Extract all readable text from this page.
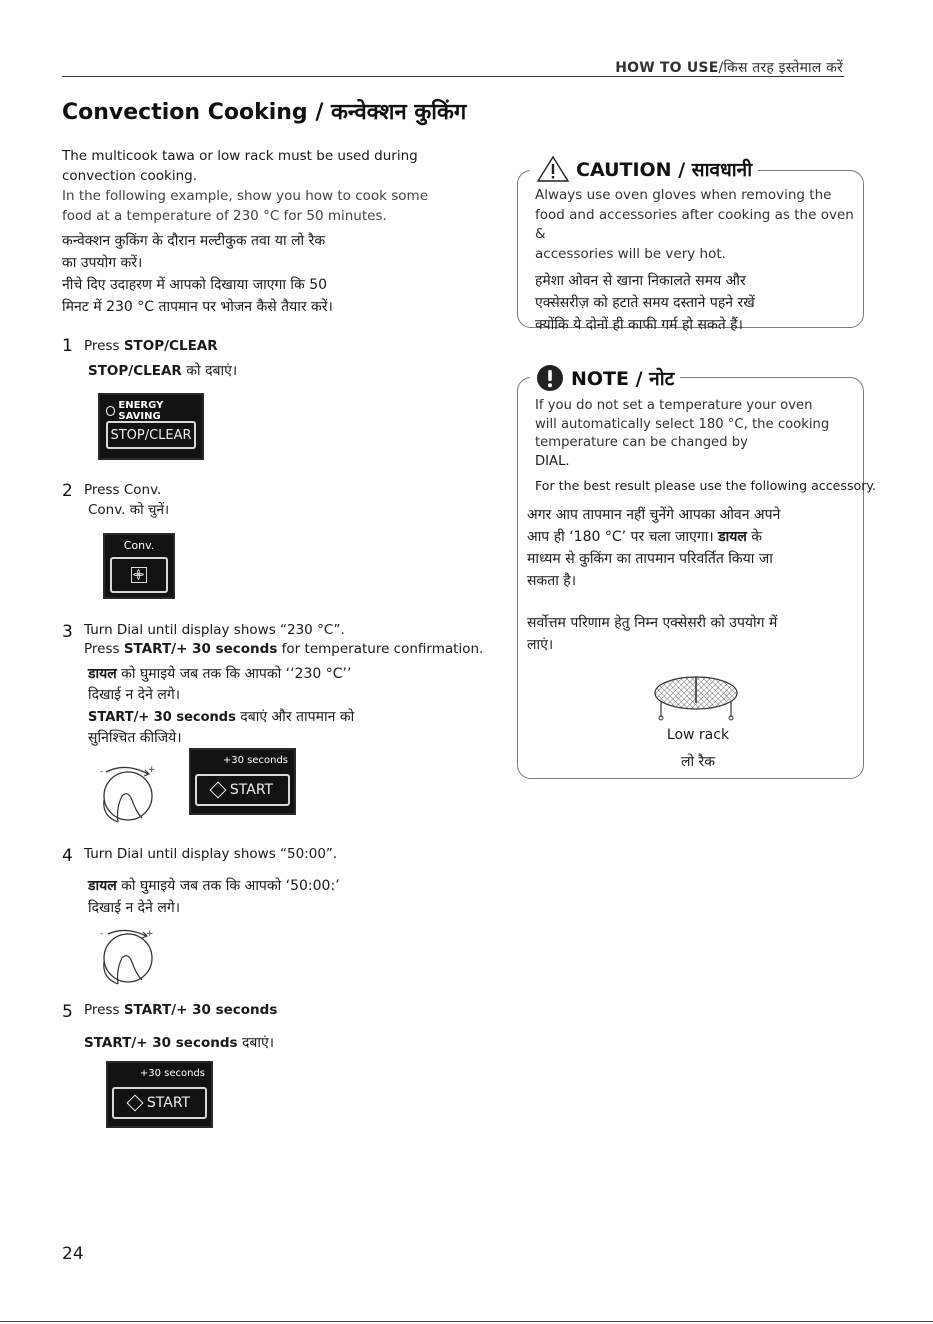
HOW TO USE/किस तरह इस्तेमाल करें
Convection Cooking / कन्वेक्शन कुकिंग
The multicook tawa or low rack must be used during
convection cooking.
In the following example, show you how to cook some
food at a temperature of 230 °C for 50 minutes.
कन्वेक्शन कुकिंग के दौरान मल्टीकुक तवा या लो रैक
का उपयोग करें।
नीचे दिए उदाहरण में आपको दिखाया जाएगा कि 50
मिनट में 230 °C तापमान पर भोजन कैसे तैयार करें।
1 Press STOP/CLEAR
STOP/CLEAR को दबाएं।
ENERGY SAVING
STOP/CLEAR
2 Press Conv.
Conv. को चुनें।
Conv.
3 Turn Dial until display shows “230 °C”.
Press START/+ 30 seconds for temperature confirmation.
डायल को घुमाइये जब तक कि आपको ‘‘230 °C’’
दिखाई न देने लगे।
START/+ 30 seconds दबाएं और तापमान को
सुनिश्चित कीजिये।
-	+
+30 seconds
START
4 Turn Dial until display shows “50:00”.
डायल को घुमाइये जब तक कि आपको ‘50:00:’
दिखाई न देने लगे।
-	+
5 Press START/+ 30 seconds
START/+ 30 seconds दबाएं।
+30 seconds
START
CAUTION / सावधानी
Always use oven gloves when removing the
food and accessories after cooking as the oven &
accessories will be very hot.
हमेशा ओवन से खाना निकालते समय और
एक्सेसरीज़ को हटाते समय दस्ताने पहने रखें
क्योंकि ये दोनों ही काफी गर्म हो सकते हैं।
NOTE / नोट
If you do not set a temperature your oven
will automatically select 180 °C, the cooking
temperature can be changed by
DIAL.
For the best result please use the following accessory.
अगर आप तापमान नहीं चुनेंगे आपका ओवन अपने
आप ही ‘180 °C’ पर चला जाएगा। डायल के
माध्यम से कुकिंग का तापमान परिवर्तित किया जा
सकता है।
सर्वोत्तम परिणाम हेतु निम्न एक्सेसरी को उपयोग में
लाएं।
Low rack
लो रैक
24
